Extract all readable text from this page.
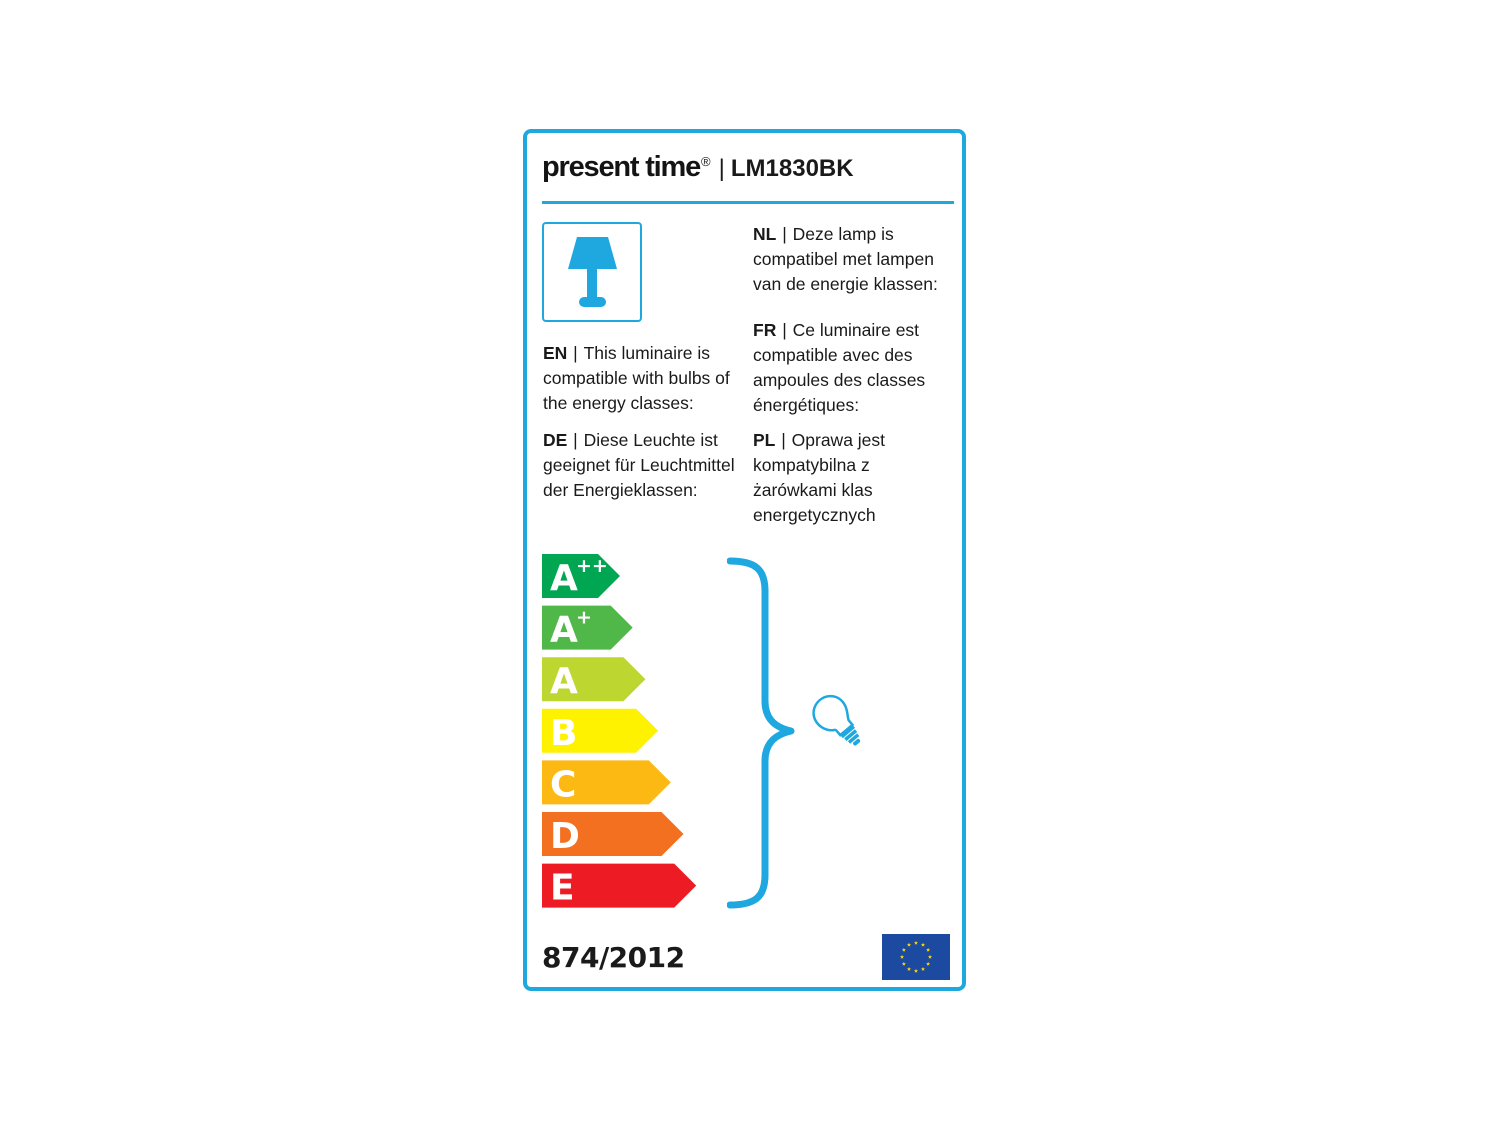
present time® | LM1830BK
EN | This luminaire is compatible with bulbs of the energy classes:
DE | Diese Leuchte ist geeignet für Leuchtmittel der Energieklassen:
NL | Deze lamp is compatibel met lampen van de energie klassen:
FR | Ce luminaire est compatible avec des ampoules des classes énergétiques:
PL | Oprawa jest kompatybilna z żarówkami klas energetycznych
A
++
A
+
A
B
C
D
E
874/2012
